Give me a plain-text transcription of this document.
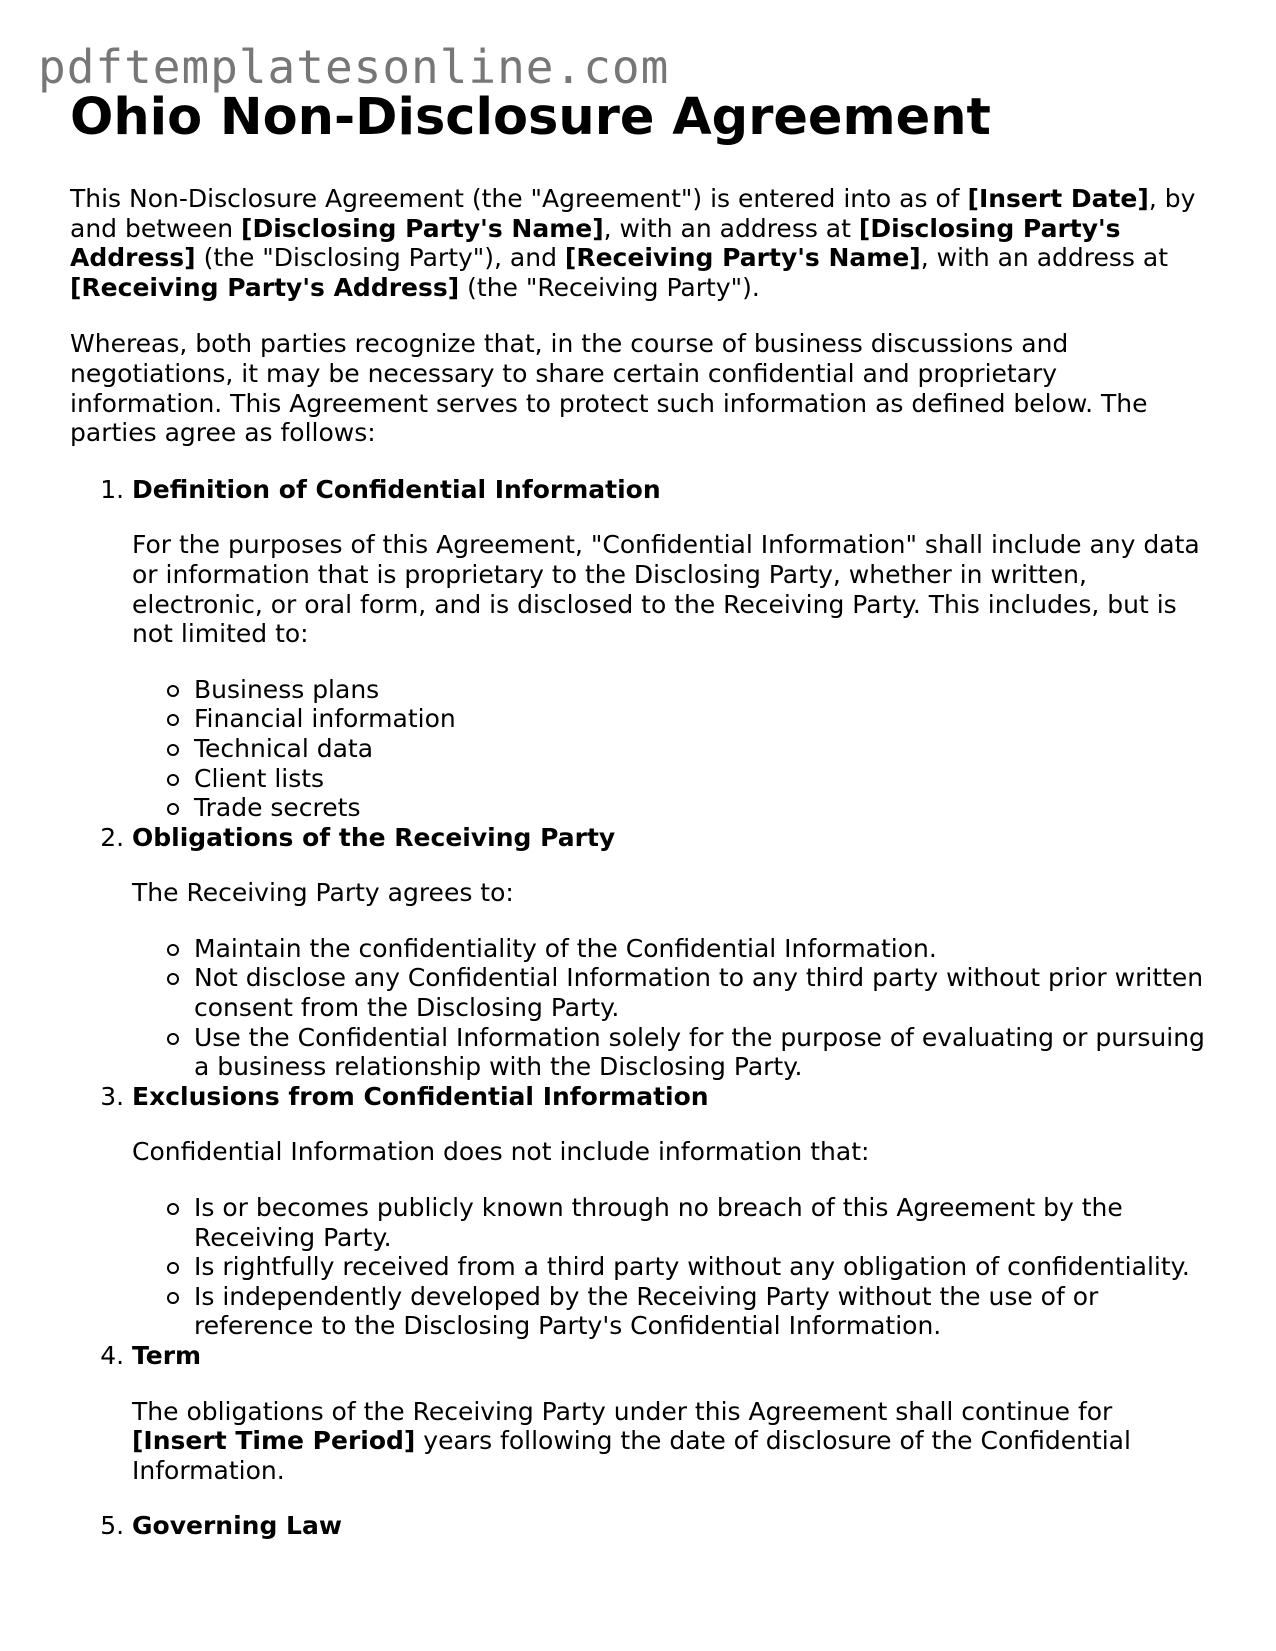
pdftemplatesonline.com
Ohio Non-Disclosure Agreement

This Non-Disclosure Agreement (the "Agreement") is entered into as of [Insert Date], by and between [Disclosing Party's Name], with an address at [Disclosing Party's Address] (the "Disclosing Party"), and [Receiving Party's Name], with an address at [Receiving Party's Address] (the "Receiving Party").

Whereas, both parties recognize that, in the course of business discussions and negotiations, it may be necessary to share certain confidential and proprietary information. This Agreement serves to protect such information as defined below. The parties agree as follows:

1. Definition of Confidential Information
For the purposes of this Agreement, "Confidential Information" shall include any data or information that is proprietary to the Disclosing Party, whether in written, electronic, or oral form, and is disclosed to the Receiving Party. This includes, but is not limited to:
Business plans
Financial information
Technical data
Client lists
Trade secrets
2. Obligations of the Receiving Party
The Receiving Party agrees to:
Maintain the confidentiality of the Confidential Information.
Not disclose any Confidential Information to any third party without prior written consent from the Disclosing Party.
Use the Confidential Information solely for the purpose of evaluating or pursuing a business relationship with the Disclosing Party.
3. Exclusions from Confidential Information
Confidential Information does not include information that:
Is or becomes publicly known through no breach of this Agreement by the Receiving Party.
Is rightfully received from a third party without any obligation of confidentiality.
Is independently developed by the Receiving Party without the use of or reference to the Disclosing Party's Confidential Information.
4. Term
The obligations of the Receiving Party under this Agreement shall continue for [Insert Time Period] years following the date of disclosure of the Confidential Information.
5. Governing Law
